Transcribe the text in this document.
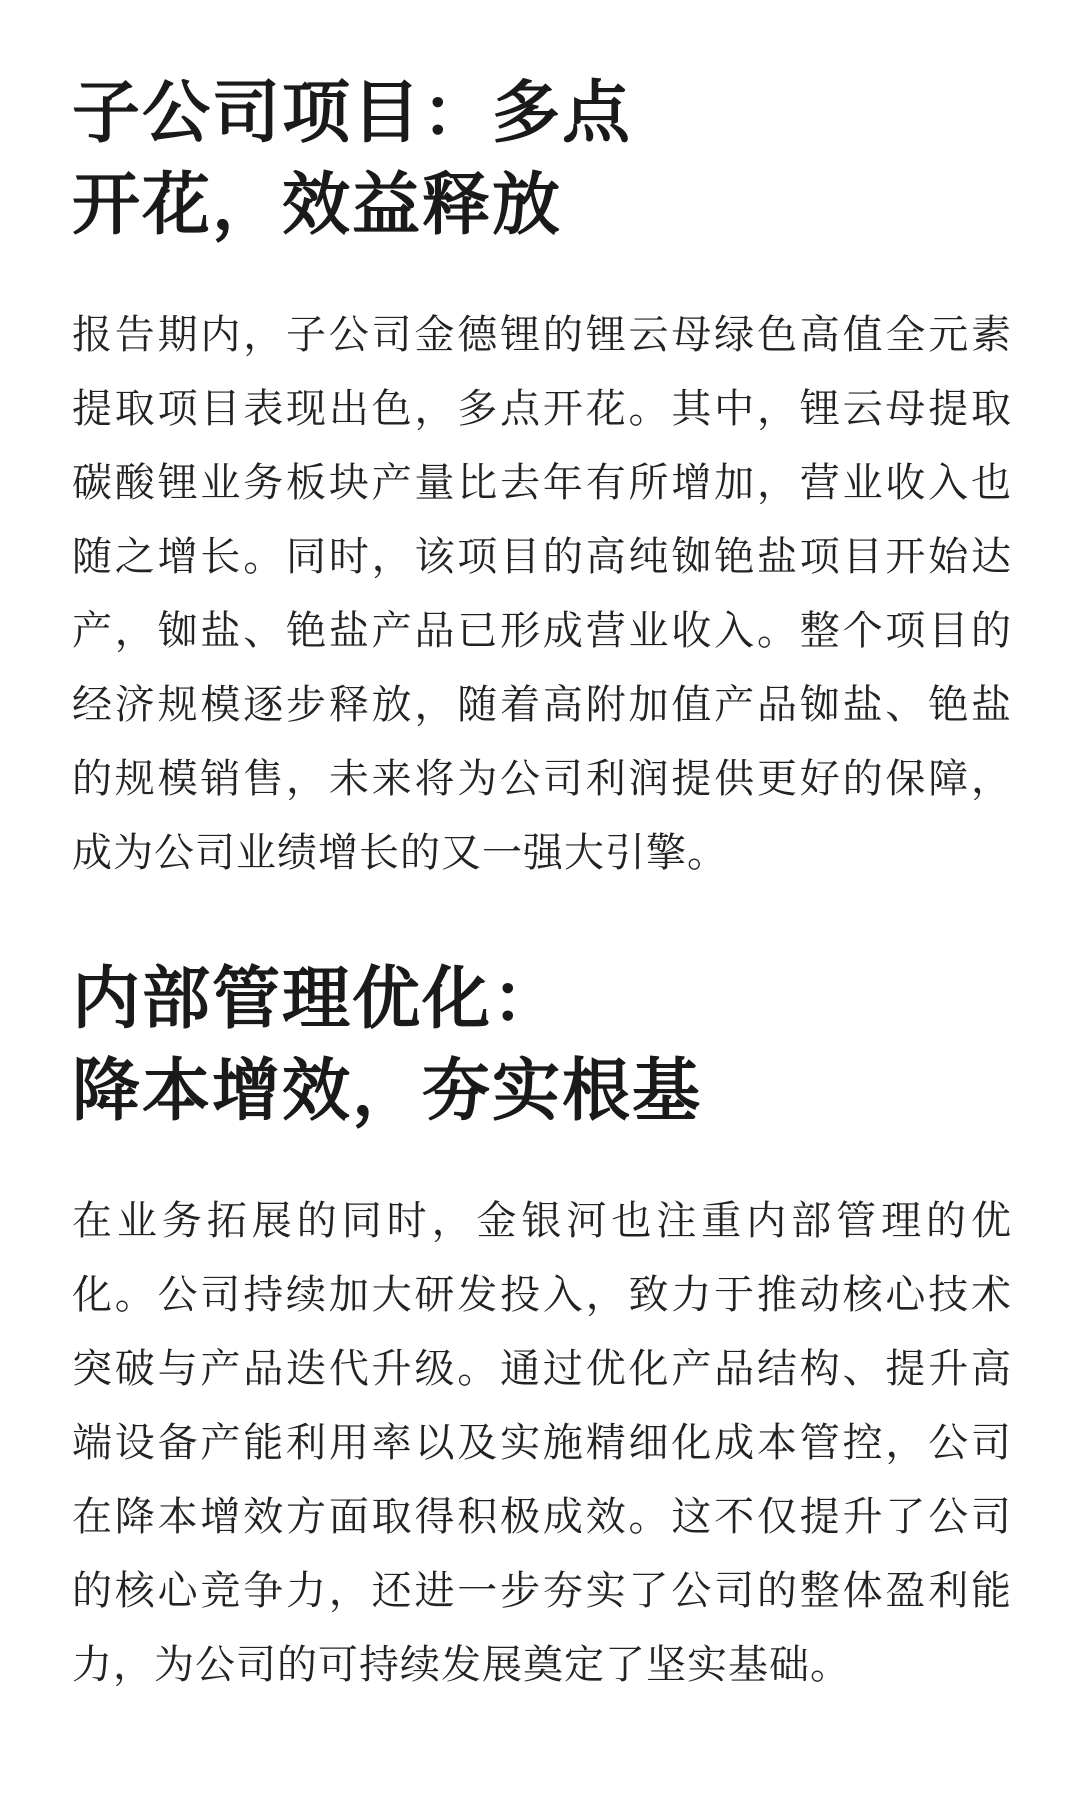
子公司项目：多点
开花，效益释放

报告期内，子公司金德锂的锂云母绿色高值全元素
提取项目表现出色，多点开花。其中，锂云母提取
碳酸锂业务板块产量比去年有所增加，营业收入也
随之增长。同时，该项目的高纯铷铯盐项目开始达
产，铷盐、铯盐产品已形成营业收入。整个项目的
经济规模逐步释放，随着高附加值产品铷盐、铯盐
的规模销售，未来将为公司利润提供更好的保障，
成为公司业绩增长的又一强大引擎。

内部管理优化：
降本增效，夯实根基

在业务拓展的同时，金银河也注重内部管理的优
化。公司持续加大研发投入，致力于推动核心技术
突破与产品迭代升级。通过优化产品结构、提升高
端设备产能利用率以及实施精细化成本管控，公司
在降本增效方面取得积极成效。这不仅提升了公司
的核心竞争力，还进一步夯实了公司的整体盈利能
力，为公司的可持续发展奠定了坚实基础。
